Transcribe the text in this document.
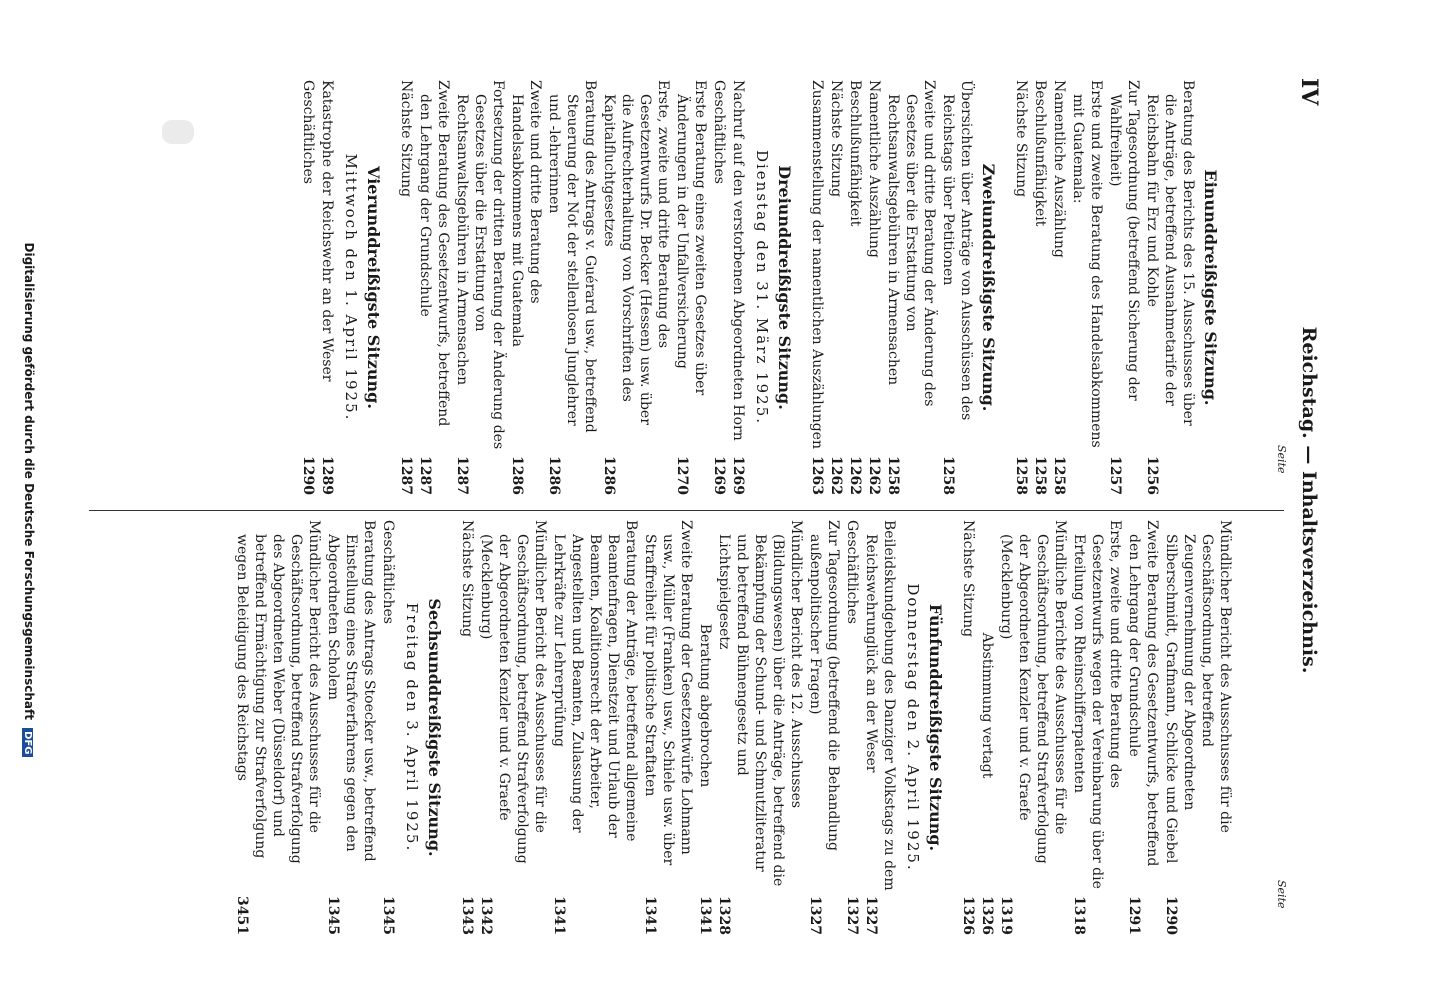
IV
Reichstag. — Inhaltsverzeichnis.
Seite
Seite
Einunddreißigste Sitzung.
Beratung des Berichts des 15. Ausschusses über die Anträge, betreffend Ausnahmetarife der Reichsbahn für Erz und Kohle
1256
Zur Tagesordnung (betreffend Sicherung der Wahlfreiheit)
1257
Erste und zweite Beratung des Handelsabkommens mit Guatemala:
Namentliche Auszählung
1258
Beschlußunfähigkeit
1258
Nächste Sitzung
1258
Zweiunddreißigste Sitzung.
Übersichten über Anträge von Ausschüssen des Reichstags über Petitionen
1258
Zweite und dritte Beratung der Änderung des Gesetzes über die Erstattung von Rechtsanwaltsgebühren in Armensachen
1258
Namentliche Auszählung
1262
Beschlußunfähigkeit
1262
Nächste Sitzung
1262
Zusammenstellung der namentlichen Auszählungen
1263
Dreiunddreißigste Sitzung.
Dienstag den 31. März 1925.
Nachruf auf den verstorbenen Abgeordneten Horn
1269
Geschäftliches
1269
Erste Beratung eines zweiten Gesetzes über Änderungen in der Unfallversicherung
1270
Erste, zweite und dritte Beratung des Gesetzentwurfs Dr. Becker (Hessen) usw. über die Aufrechterhaltung von Vorschriften des Kapitalfluchtgesetzes
1286
Beratung des Antrags v. Guérard usw., betreffend Steuerung der Not der stellenlosen Junglehrer und -lehrerinnen
1286
Zweite und dritte Beratung des Handelsabkommens mit Guatemala
1286
Fortsetzung der dritten Beratung der Änderung des Gesetzes über die Erstattung von Rechtsanwaltsgebühren in Armensachen
1287
Zweite Beratung des Gesetzentwurfs, betreffend den Lehrgang der Grundschule
1287
Nächste Sitzung
1287
Vierunddreißigste Sitzung.
Mittwoch den 1. April 1925.
Katastrophe der Reichswehr an der Weser
1289
Geschäftliches
1290
Mündlicher Bericht des Ausschusses für die Geschäftsordnung, betreffend Zeugenvernehmung der Abgeordneten Silberschmidt, Grafmann, Schlicke und Giebel
1290
Zweite Beratung des Gesetzentwurfs, betreffend den Lehrgang der Grundschule
1291
Erste, zweite und dritte Beratung des Gesetzentwurfs wegen der Vereinbarung über die Erteilung von Rheinschifferpatenten
1318
Mündliche Berichte des Ausschusses für die Geschäftsordnung, betreffend Strafverfolgung der Abgeordneten Kenzler und v. Graefe (Mecklenburg)
1319
Abstimmung vertagt
1326
Nächste Sitzung
1326
Fünfunddreißigste Sitzung.
Donnerstag den 2. April 1925.
Beileidskundgebung des Danziger Volkstags zu dem Reichswehrunglück an der Weser
1327
Geschäftliches
1327
Zur Tagesordnung (betreffend die Behandlung außenpolitischer Fragen)
1327
Mündlicher Bericht des 12. Ausschusses (Bildungswesen) über die Anträge, betreffend die Bekämpfung der Schund- und Schmutzliteratur und betreffend Bühnengesetz und Lichtspielgesetz
1328
Beratung abgebrochen
1341
Zweite Beratung der Gesetzentwürfe Lohmann usw., Müller (Franken) usw., Schiele usw. über Straffreiheit für politische Straftaten
1341
Beratung der Anträge, betreffend allgemeine Beamtenfragen, Dienstzeit und Urlaub der Beamten, Koalitionsrecht der Arbeiter, Angestellten und Beamten, Zulassung der Lehrkräfte zur Lehrerprüfung
1341
Mündlicher Bericht des Ausschusses für die Geschäftsordnung, betreffend Strafverfolgung der Abgeordneten Kenzler und v. Graefe (Mecklenburg)
1342
Nächste Sitzung
1343
Sechsunddreißigste Sitzung.
Freitag den 3. April 1925.
Geschäftliches
1345
Beratung des Antrags Stoecker usw., betreffend Einstellung eines Strafverfahrens gegen den Abgeordneten Scholem
1345
Mündlicher Bericht des Ausschusses für die Geschäftsordnung, betreffend Strafverfolgung des Abgeordneten Weber (Düsseldorf) und betreffend Ermächtigung zur Strafverfolgung wegen Beleidigung des Reichstags
3451
Digitalisierung gefördert durch die Deutsche Forschungsgemeinschaft DFG
